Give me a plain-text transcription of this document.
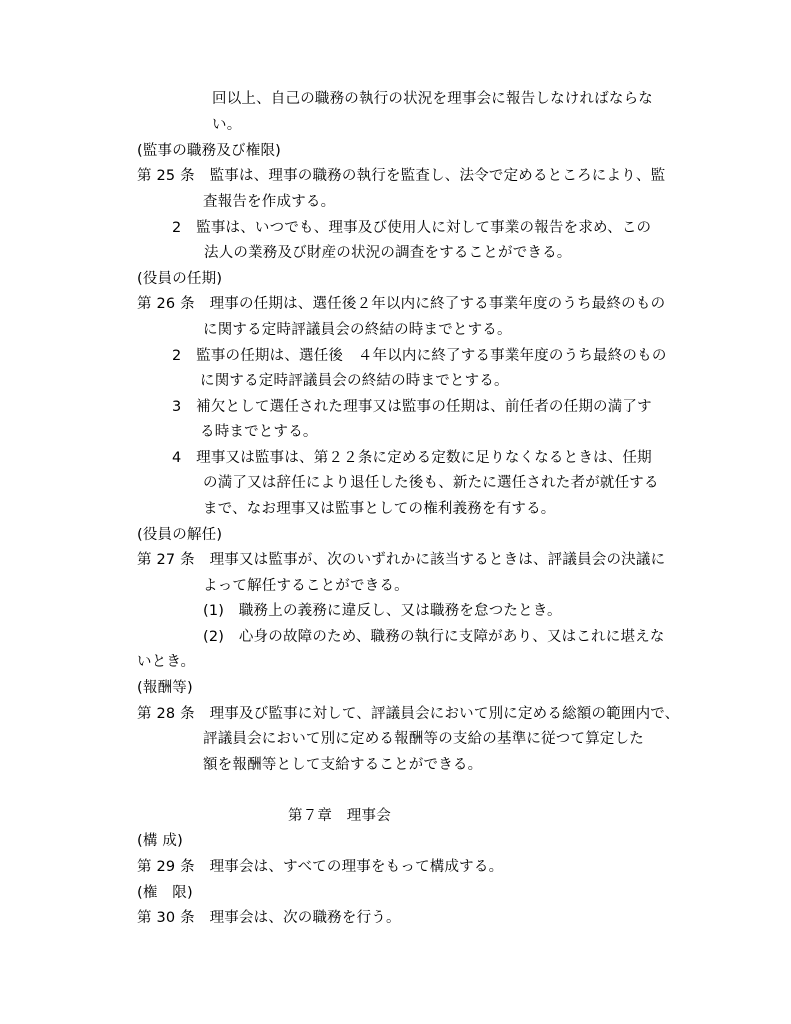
回以上、自己の職務の執行の状況を理事会に報告しなければならな
い。
(監事の職務及び権限)
第 25 条　監事は、理事の職務の執行を監査し、法令で定めるところにより、監
査報告を作成する。
2　監事は、いつでも、理事及び使用人に対して事業の報告を求め、この
法人の業務及び財産の状況の調査をすることができる。
(役員の任期)
第 26 条　理事の任期は、選任後２年以内に終了する事業年度のうち最終のもの
に関する定時評議員会の終結の時までとする。
2　監事の任期は、選任後　４年以内に終了する事業年度のうち最終のもの
に関する定時評議員会の終結の時までとする。
3　補欠として選任された理事又は監事の任期は、前任者の任期の満了す
る時までとする。
4　理事又は監事は、第２２条に定める定数に足りなくなるときは、任期
の満了又は辞任により退任した後も、新たに選任された者が就任する
まで、なお理事又は監事としての権利義務を有する。
(役員の解任)
第 27 条　理事又は監事が、次のいずれかに該当するときは、評議員会の決議に
よって解任することができる。
(1)　職務上の義務に違反し、又は職務を怠つたとき。
(2)　心身の故障のため、職務の執行に支障があり、又はこれに堪えな
いとき。
(報酬等)
第 28 条　理事及び監事に対して、評議員会において別に定める総額の範囲内で、
評議員会において別に定める報酬等の支給の基準に従つて算定した
額を報酬等として支給することができる。
第７章　理事会
(構 成)
第 29 条　理事会は、すべての理事をもって構成する。
(権　限)
第 30 条　理事会は、次の職務を行う。
